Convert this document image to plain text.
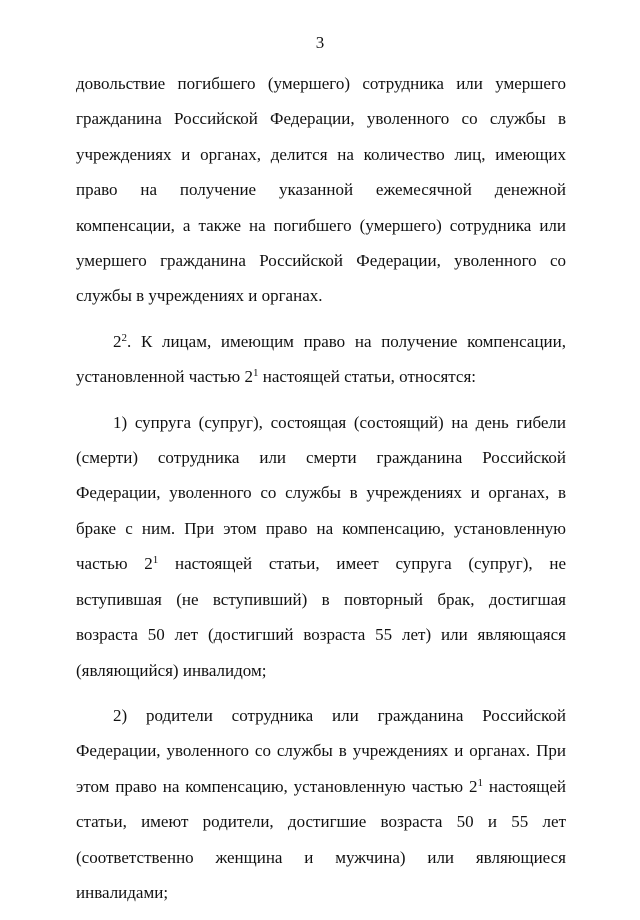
3

довольствие погибшего (умершего) сотрудника или умершего гражданина Российской Федерации, уволенного со службы в учреждениях и органах, делится на количество лиц, имеющих право на получение указанной ежемесячной денежной компенсации, а также на погибшего (умершего) сотрудника или умершего гражданина Российской Федерации, уволенного со службы в учреждениях и органах.

$2^2$. К лицам, имеющим право на получение компенсации, установленной частью $2^1$ настоящей статьи, относятся:

1) супруга (супруг), состоящая (состоящий) на день гибели (смерти) сотрудника или смерти гражданина Российской Федерации, уволенного со службы в учреждениях и органах, в браке с ним. При этом право на компенсацию, установленную частью $2^1$ настоящей статьи, имеет супруга (супруг), не вступившая (не вступивший) в повторный брак, достигшая возраста 50 лет (достигший возраста 55 лет) или являющаяся (являющийся) инвалидом;

2) родители сотрудника или гражданина Российской Федерации, уволенного со службы в учреждениях и органах. При этом право на компенсацию, установленную частью $2^1$ настоящей статьи, имеют родители, достигшие возраста 50 и 55 лет (соответственно женщина и мужчина) или являющиеся инвалидами;
